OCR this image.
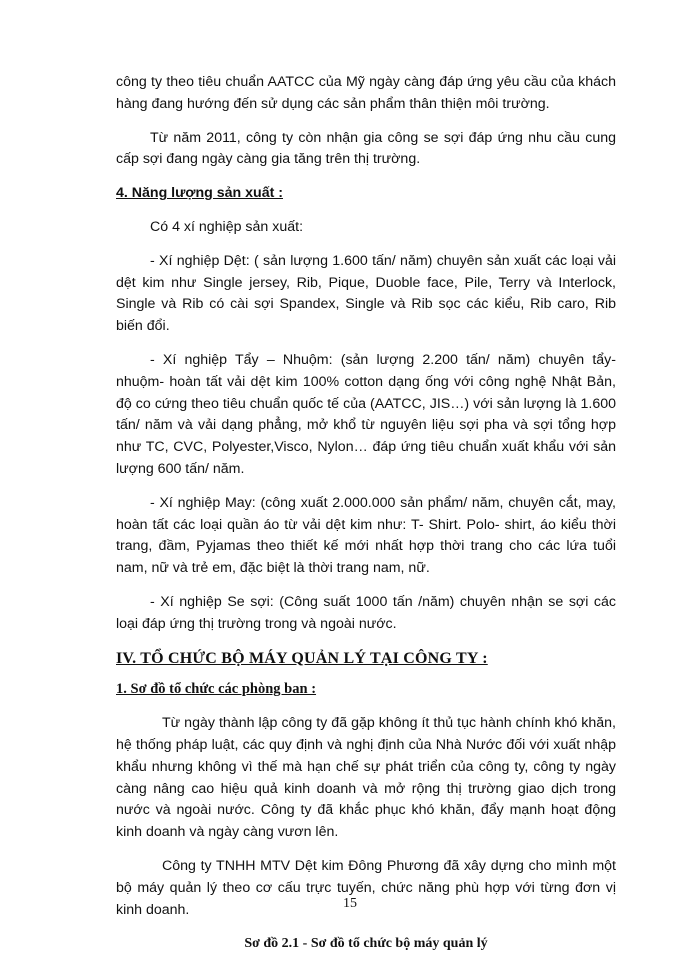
công ty theo tiêu chuẩn AATCC của Mỹ ngày càng đáp ứng yêu cầu của khách hàng đang hướng đến sử dụng các sản phẩm thân thiện môi trường.

Từ năm 2011, công ty còn nhận gia công se sợi đáp ứng nhu cầu cung cấp sợi đang ngày càng gia tăng trên thị trường.

4. Năng lượng sản xuất :

Có 4 xí nghiệp sản xuất:

- Xí nghiệp Dệt: ( sản lượng 1.600 tấn/ năm) chuyên sản xuất các loại vải dệt kim như Single jersey, Rib, Pique, Duoble face, Pile, Terry và Interlock, Single và Rib có cài sợi Spandex, Single và Rib sọc các kiểu, Rib caro, Rib biến đổi.

- Xí nghiệp Tẩy – Nhuộm: (sản lượng 2.200 tấn/ năm) chuyên tẩy- nhuộm- hoàn tất vải dệt kim 100% cotton dạng ống với công nghệ Nhật Bản, độ co cứng theo tiêu chuẩn quốc tế của (AATCC, JIS…) với sản lượng là 1.600 tấn/ năm và vải dạng phẳng, mở khổ từ nguyên liệu sợi pha và sợi tổng hợp như TC, CVC, Polyester,Visco, Nylon… đáp ứng tiêu chuẩn xuất khẩu với sản lượng 600 tấn/ năm.

- Xí nghiệp May: (công xuất 2.000.000 sản phẩm/ năm, chuyên cắt, may, hoàn tất các loại quần áo từ vải dệt kim như: T- Shirt. Polo- shirt, áo kiểu thời trang, đầm, Pyjamas theo thiết kế mới nhất hợp thời trang cho các lứa tuổi nam, nữ và trẻ em, đặc biệt là thời trang nam, nữ.

- Xí nghiệp Se sợi: (Công suất 1000 tấn /năm) chuyên nhận se sợi các loại đáp ứng thị trường trong và ngoài nước.

IV. TỔ CHỨC BỘ MÁY QUẢN LÝ TẠI CÔNG TY :
1. Sơ đồ tổ chức các phòng ban :

Từ ngày thành lập công ty đã gặp không ít thủ tục hành chính khó khăn, hệ thống pháp luật, các quy định và nghị định của Nhà Nước đối với xuất nhập khẩu nhưng không vì thế mà hạn chế sự phát triển của công ty, công ty ngày càng nâng cao hiệu quả kinh doanh và mở rộng thị trường giao dịch trong nước và ngoài nước. Công ty đã khắc phục khó khăn, đẩy mạnh hoạt động kinh doanh và ngày càng vươn lên.

Công ty TNHH MTV Dệt kim Đông Phương đã xây dựng cho mình một bộ máy quản lý theo cơ cấu trực tuyến, chức năng phù hợp với từng đơn vị kinh doanh.

Sơ đồ 2.1 - Sơ đồ tổ chức bộ máy quản lý
15
